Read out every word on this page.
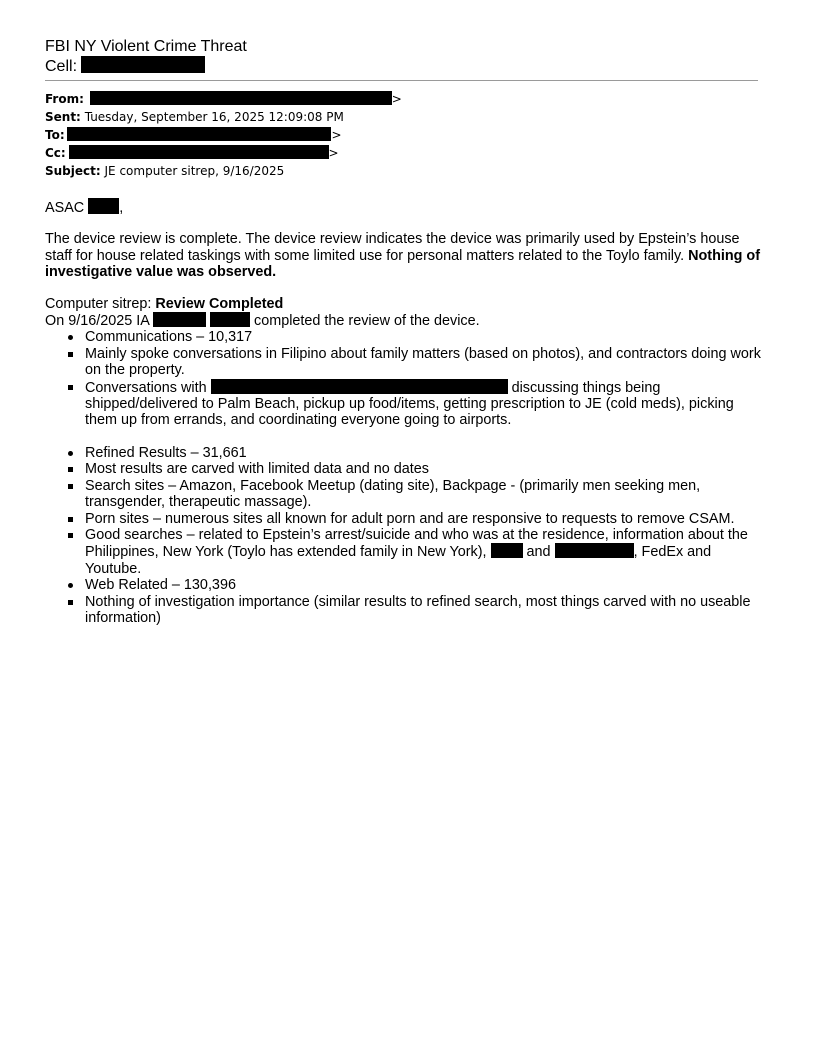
FBI NY Violent Crime Threat
Cell:
From:	>
Sent: Tuesday, September 16, 2025 12:09:08 PM
To:	>
Cc:	>
Subject: JE computer sitrep, 9/16/2025

ASAC ,

The device review is complete. The device review indicates the device was primarily used by Epstein’s house staff for house related taskings with some limited use for personal matters related to the Toylo family. Nothing of investigative value was observed.

Computer sitrep: Review Completed
On 9/16/2025 IA	completed the review of the device.
Communications – 10,317
Mainly spoke conversations in Filipino about family matters (based on photos), and contractors doing work on the property.
Conversations with	discussing things being shipped/delivered to Palm Beach, pickup up food/items, getting prescription to JE (cold meds), picking them up from errands, and coordinating everyone going to airports.
Refined Results – 31,661
Most results are carved with limited data and no dates
Search sites – Amazon, Facebook Meetup (dating site), Backpage - (primarily men seeking men, transgender, therapeutic massage).
Porn sites – numerous sites all known for adult porn and are responsive to requests to remove CSAM.
Good searches – related to Epstein’s arrest/suicide and who was at the residence, information about the Philippines, New York (Toylo has extended family in New York),	and	, FedEx and Youtube.
Web Related – 130,396
Nothing of investigation importance (similar results to refined search, most things carved with no useable information)
